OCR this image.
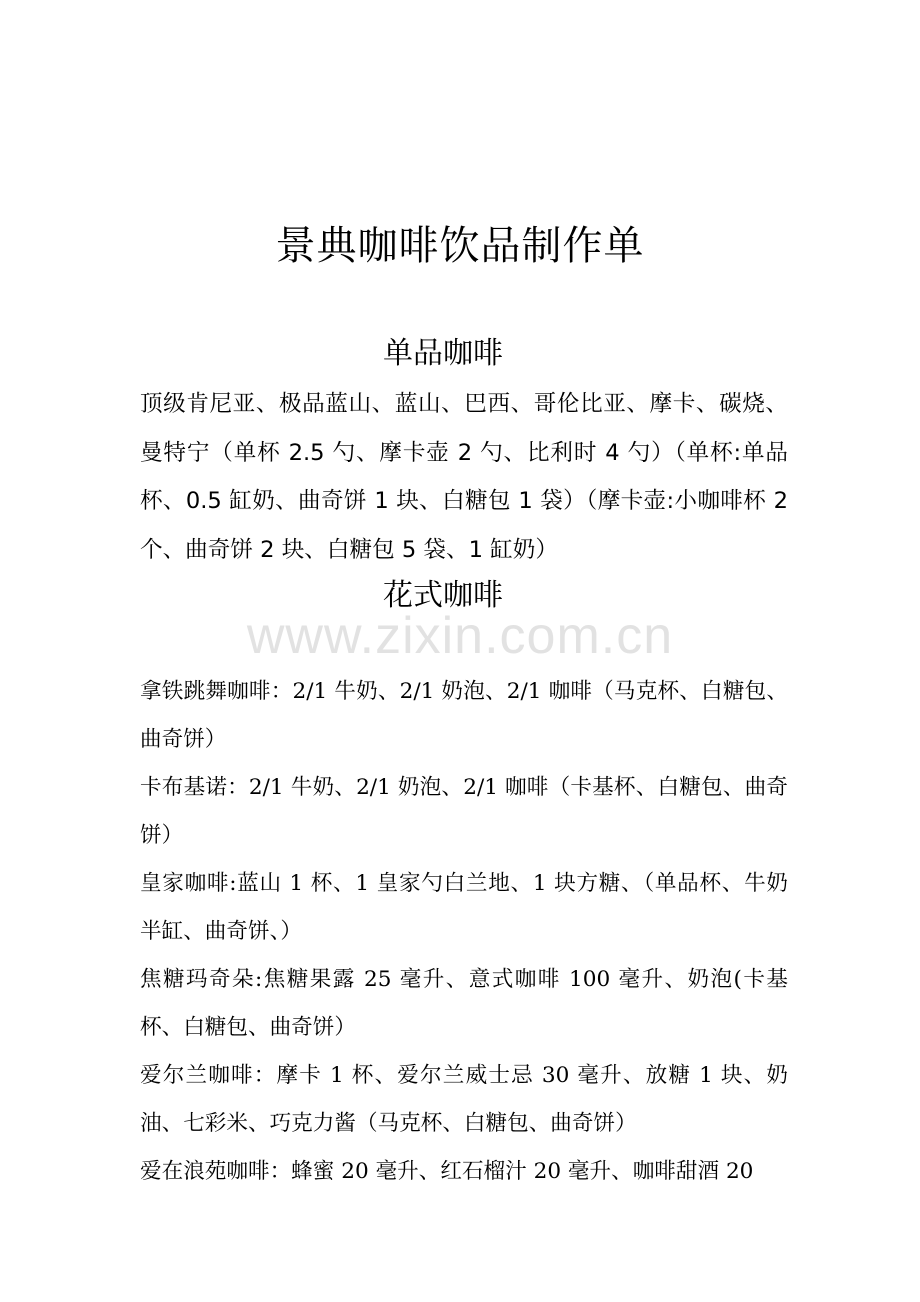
景典咖啡饮品制作单
单品咖啡

顶级肯尼亚、极品蓝山、蓝山、巴西、哥伦比亚、摩卡、碳烧、曼特宁（单杯 2.5 勺、摩卡壶 2 勺、比利时 4 勺）（单杯:单品杯、0.5 缸奶、曲奇饼 1 块、白糖包 1 袋）（摩卡壶:小咖啡杯 2 个、曲奇饼 2 块、白糖包 5 袋、1 缸奶）

花式咖啡
www.zixin.com.cn
拿铁跳舞咖啡：2/1 牛奶、2/1 奶泡、2/1 咖啡（马克杯、白糖包、曲奇饼）
卡布基诺：2/1 牛奶、2/1 奶泡、2/1 咖啡（卡基杯、白糖包、曲奇饼）
皇家咖啡:蓝山 1 杯、1 皇家勺白兰地、1 块方糖、（单品杯、牛奶半缸、曲奇饼、）
焦糖玛奇朵:焦糖果露 25 毫升、意式咖啡 100 毫升、奶泡(卡基杯、白糖包、曲奇饼）
爱尔兰咖啡：摩卡 1 杯、爱尔兰威士忌 30 毫升、放糖 1 块、奶油、七彩米、巧克力酱（马克杯、白糖包、曲奇饼）
爱在浪苑咖啡：蜂蜜 20 毫升、红石榴汁 20 毫升、咖啡甜酒 20
